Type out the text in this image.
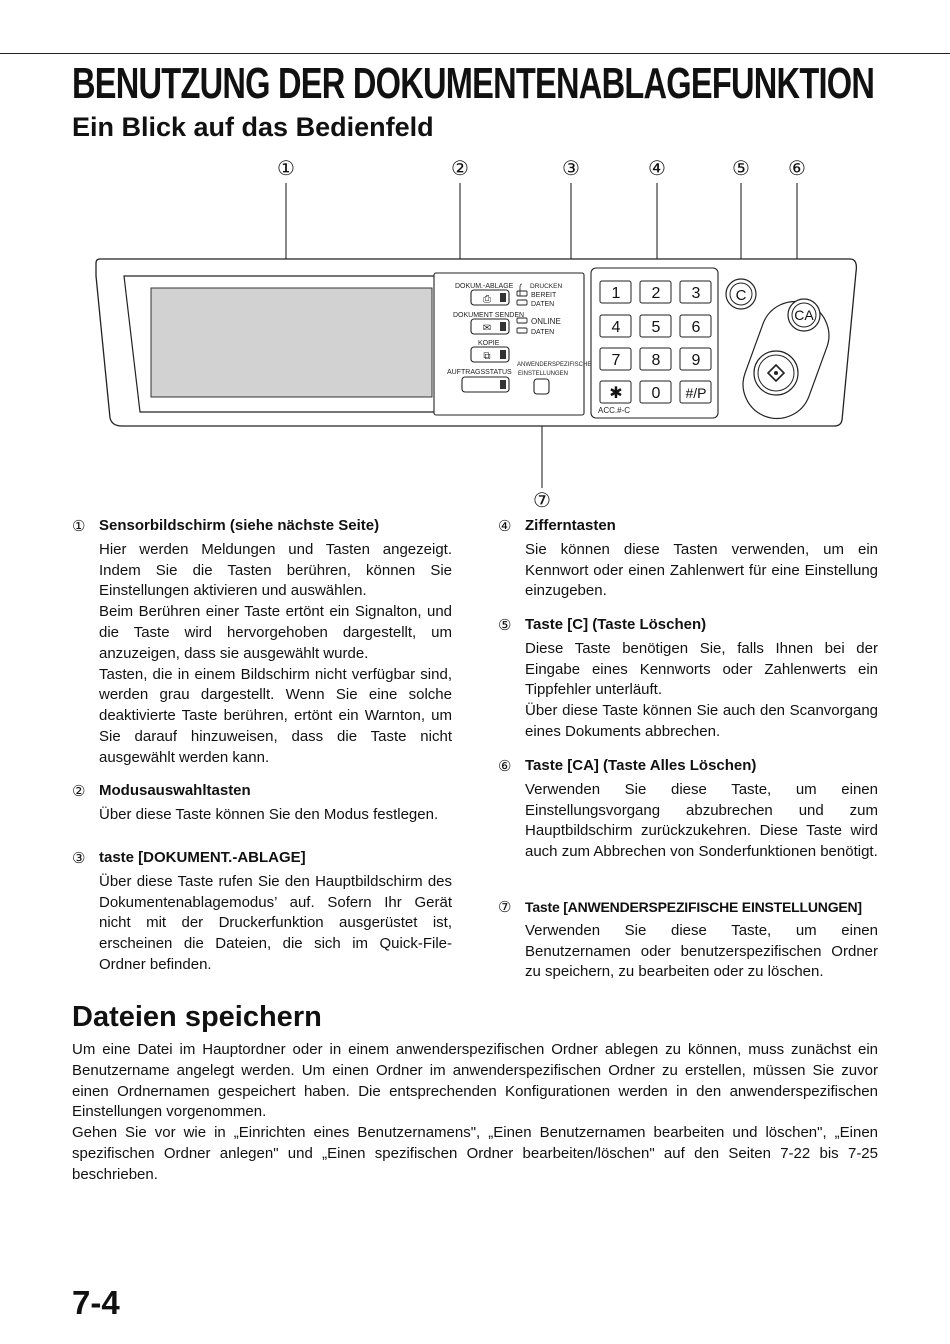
BENUTZUNG DER DOKUMENTENABLAGEFUNKTION
Ein Blick auf das Bedienfeld
①	②	③	④	⑤ ⑥
⑦
DOKUM.-ABLAGE
DOKUMENT SENDEN
KOPIE
AUFTRAGSSTATUS
ANWENDERSPEZIFISCHE
EINSTELLUNGEN
DRUCKEN
BEREIT
DATEN
ONLINE
DATEN
⎙
✉
⧉
1 2 3
4 5 6
7 8 9
✱ 0 #/P
ACC.#-C
C
CA
① Sensorbildschirm (siehe nächste Seite)

Hier werden Meldungen und Tasten angezeigt. Indem Sie die Tasten berühren, können Sie Einstellungen aktivieren und auswählen.

Beim Berühren einer Taste ertönt ein Signalton, und die Taste wird hervorgehoben dargestellt, um anzuzeigen, dass sie ausgewählt wurde.

Tasten, die in einem Bildschirm nicht verfügbar sind, werden grau dargestellt. Wenn Sie eine solche deaktivierte Taste berühren, ertönt ein Warnton, um Sie darauf hinzuweisen, dass die Taste nicht ausgewählt werden kann.

② Modusauswahltasten

Über diese Taste können Sie den Modus festlegen.

③ taste [DOKUMENT.-ABLAGE]

Über diese Taste rufen Sie den Hauptbildschirm des Dokumentenablagemodus’ auf. Sofern Ihr Gerät nicht mit der Druckerfunktion ausgerüstet ist, erscheinen die Dateien, die sich im Quick-File-Ordner befinden.

④ Zifferntasten

Sie können diese Tasten verwenden, um ein Kennwort oder einen Zahlenwert für eine Einstellung einzugeben.

⑤ Taste [C] (Taste Löschen)

Diese Taste benötigen Sie, falls Ihnen bei der Eingabe eines Kennworts oder Zahlenwerts ein Tippfehler unterläuft.

Über diese Taste können Sie auch den Scanvorgang eines Dokuments abbrechen.

⑥ Taste [CA] (Taste Alles Löschen)

Verwenden Sie diese Taste, um einen Einstellungsvorgang abzubrechen und zum Hauptbildschirm zurückzukehren. Diese Taste wird auch zum Abbrechen von Sonderfunktionen benötigt.

⑦ Taste [ANWENDERSPEZIFISCHE EINSTELLUNGEN]

Verwenden Sie diese Taste, um einen Benutzernamen oder benutzerspezifischen Ordner zu speichern, zu bearbeiten oder zu löschen.

Dateien speichern

Um eine Datei im Hauptordner oder in einem anwenderspezifischen Ordner ablegen zu können, muss zunächst ein Benutzername angelegt werden. Um einen Ordner im anwenderspezifischen Ordner zu erstellen, müssen Sie zuvor einen Ordnernamen gespeichert haben. Die entsprechenden Konfigurationen werden in den anwenderspezifischen Einstellungen vorgenommen.

Gehen Sie vor wie in „Einrichten eines Benutzernamens", „Einen Benutzernamen bearbeiten und löschen", „Einen spezifischen Ordner anlegen" und „Einen spezifischen Ordner bearbeiten/löschen" auf den Seiten 7-22 bis 7-25 beschrieben.

7-4
